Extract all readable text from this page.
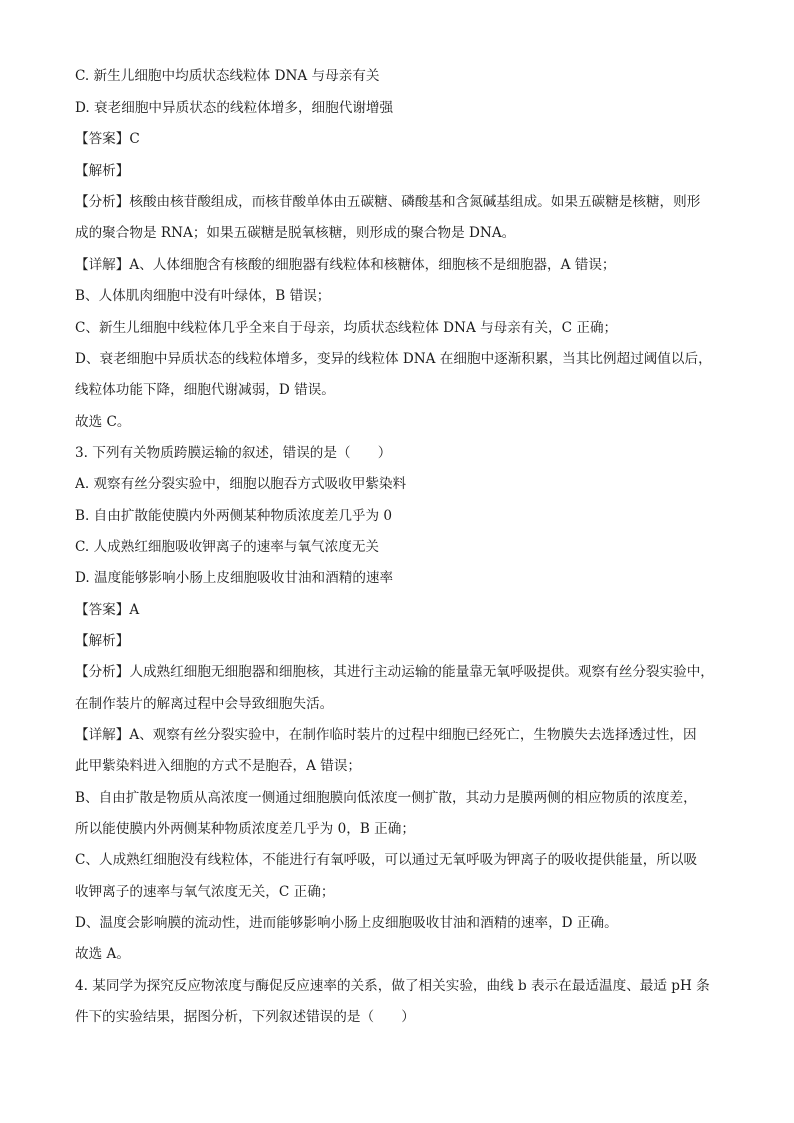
C. 新生儿细胞中均质状态线粒体 DNA 与母亲有关
D. 衰老细胞中异质状态的线粒体增多，细胞代谢增强
【答案】C
【解析】
【分析】核酸由核苷酸组成，而核苷酸单体由五碳糖、磷酸基和含氮碱基组成。如果五碳糖是核糖，则形
成的聚合物是 RNA；如果五碳糖是脱氧核糖，则形成的聚合物是 DNA。
【详解】A、人体细胞含有核酸的细胞器有线粒体和核糖体，细胞核不是细胞器，A 错误；
B、人体肌肉细胞中没有叶绿体，B 错误；
C、新生儿细胞中线粒体几乎全来自于母亲，均质状态线粒体 DNA 与母亲有关，C 正确；
D、衰老细胞中异质状态的线粒体增多，变异的线粒体 DNA 在细胞中逐渐积累，当其比例超过阈值以后，
线粒体功能下降，细胞代谢减弱，D 错误。
故选 C。
3. 下列有关物质跨膜运输的叙述，错误的是（　　）
A. 观察有丝分裂实验中，细胞以胞吞方式吸收甲紫染料
B. 自由扩散能使膜内外两侧某种物质浓度差几乎为 0
C. 人成熟红细胞吸收钾离子的速率与氧气浓度无关
D. 温度能够影响小肠上皮细胞吸收甘油和酒精的速率
【答案】A
【解析】
【分析】人成熟红细胞无细胞器和细胞核，其进行主动运输的能量靠无氧呼吸提供。观察有丝分裂实验中，
在制作装片的解离过程中会导致细胞失活。
【详解】A、观察有丝分裂实验中，在制作临时装片的过程中细胞已经死亡，生物膜失去选择透过性，因
此甲紫染料进入细胞的方式不是胞吞，A 错误；
B、自由扩散是物质从高浓度一侧通过细胞膜向低浓度一侧扩散，其动力是膜两侧的相应物质的浓度差，
所以能使膜内外两侧某种物质浓度差几乎为 0，B 正确；
C、人成熟红细胞没有线粒体，不能进行有氧呼吸，可以通过无氧呼吸为钾离子的吸收提供能量，所以吸
收钾离子的速率与氧气浓度无关，C 正确；
D、温度会影响膜的流动性，进而能够影响小肠上皮细胞吸收甘油和酒精的速率，D 正确。
故选 A。
4. 某同学为探究反应物浓度与酶促反应速率的关系，做了相关实验，曲线 b 表示在最适温度、最适 pH 条
件下的实验结果，据图分析，下列叙述错误的是（　　）
